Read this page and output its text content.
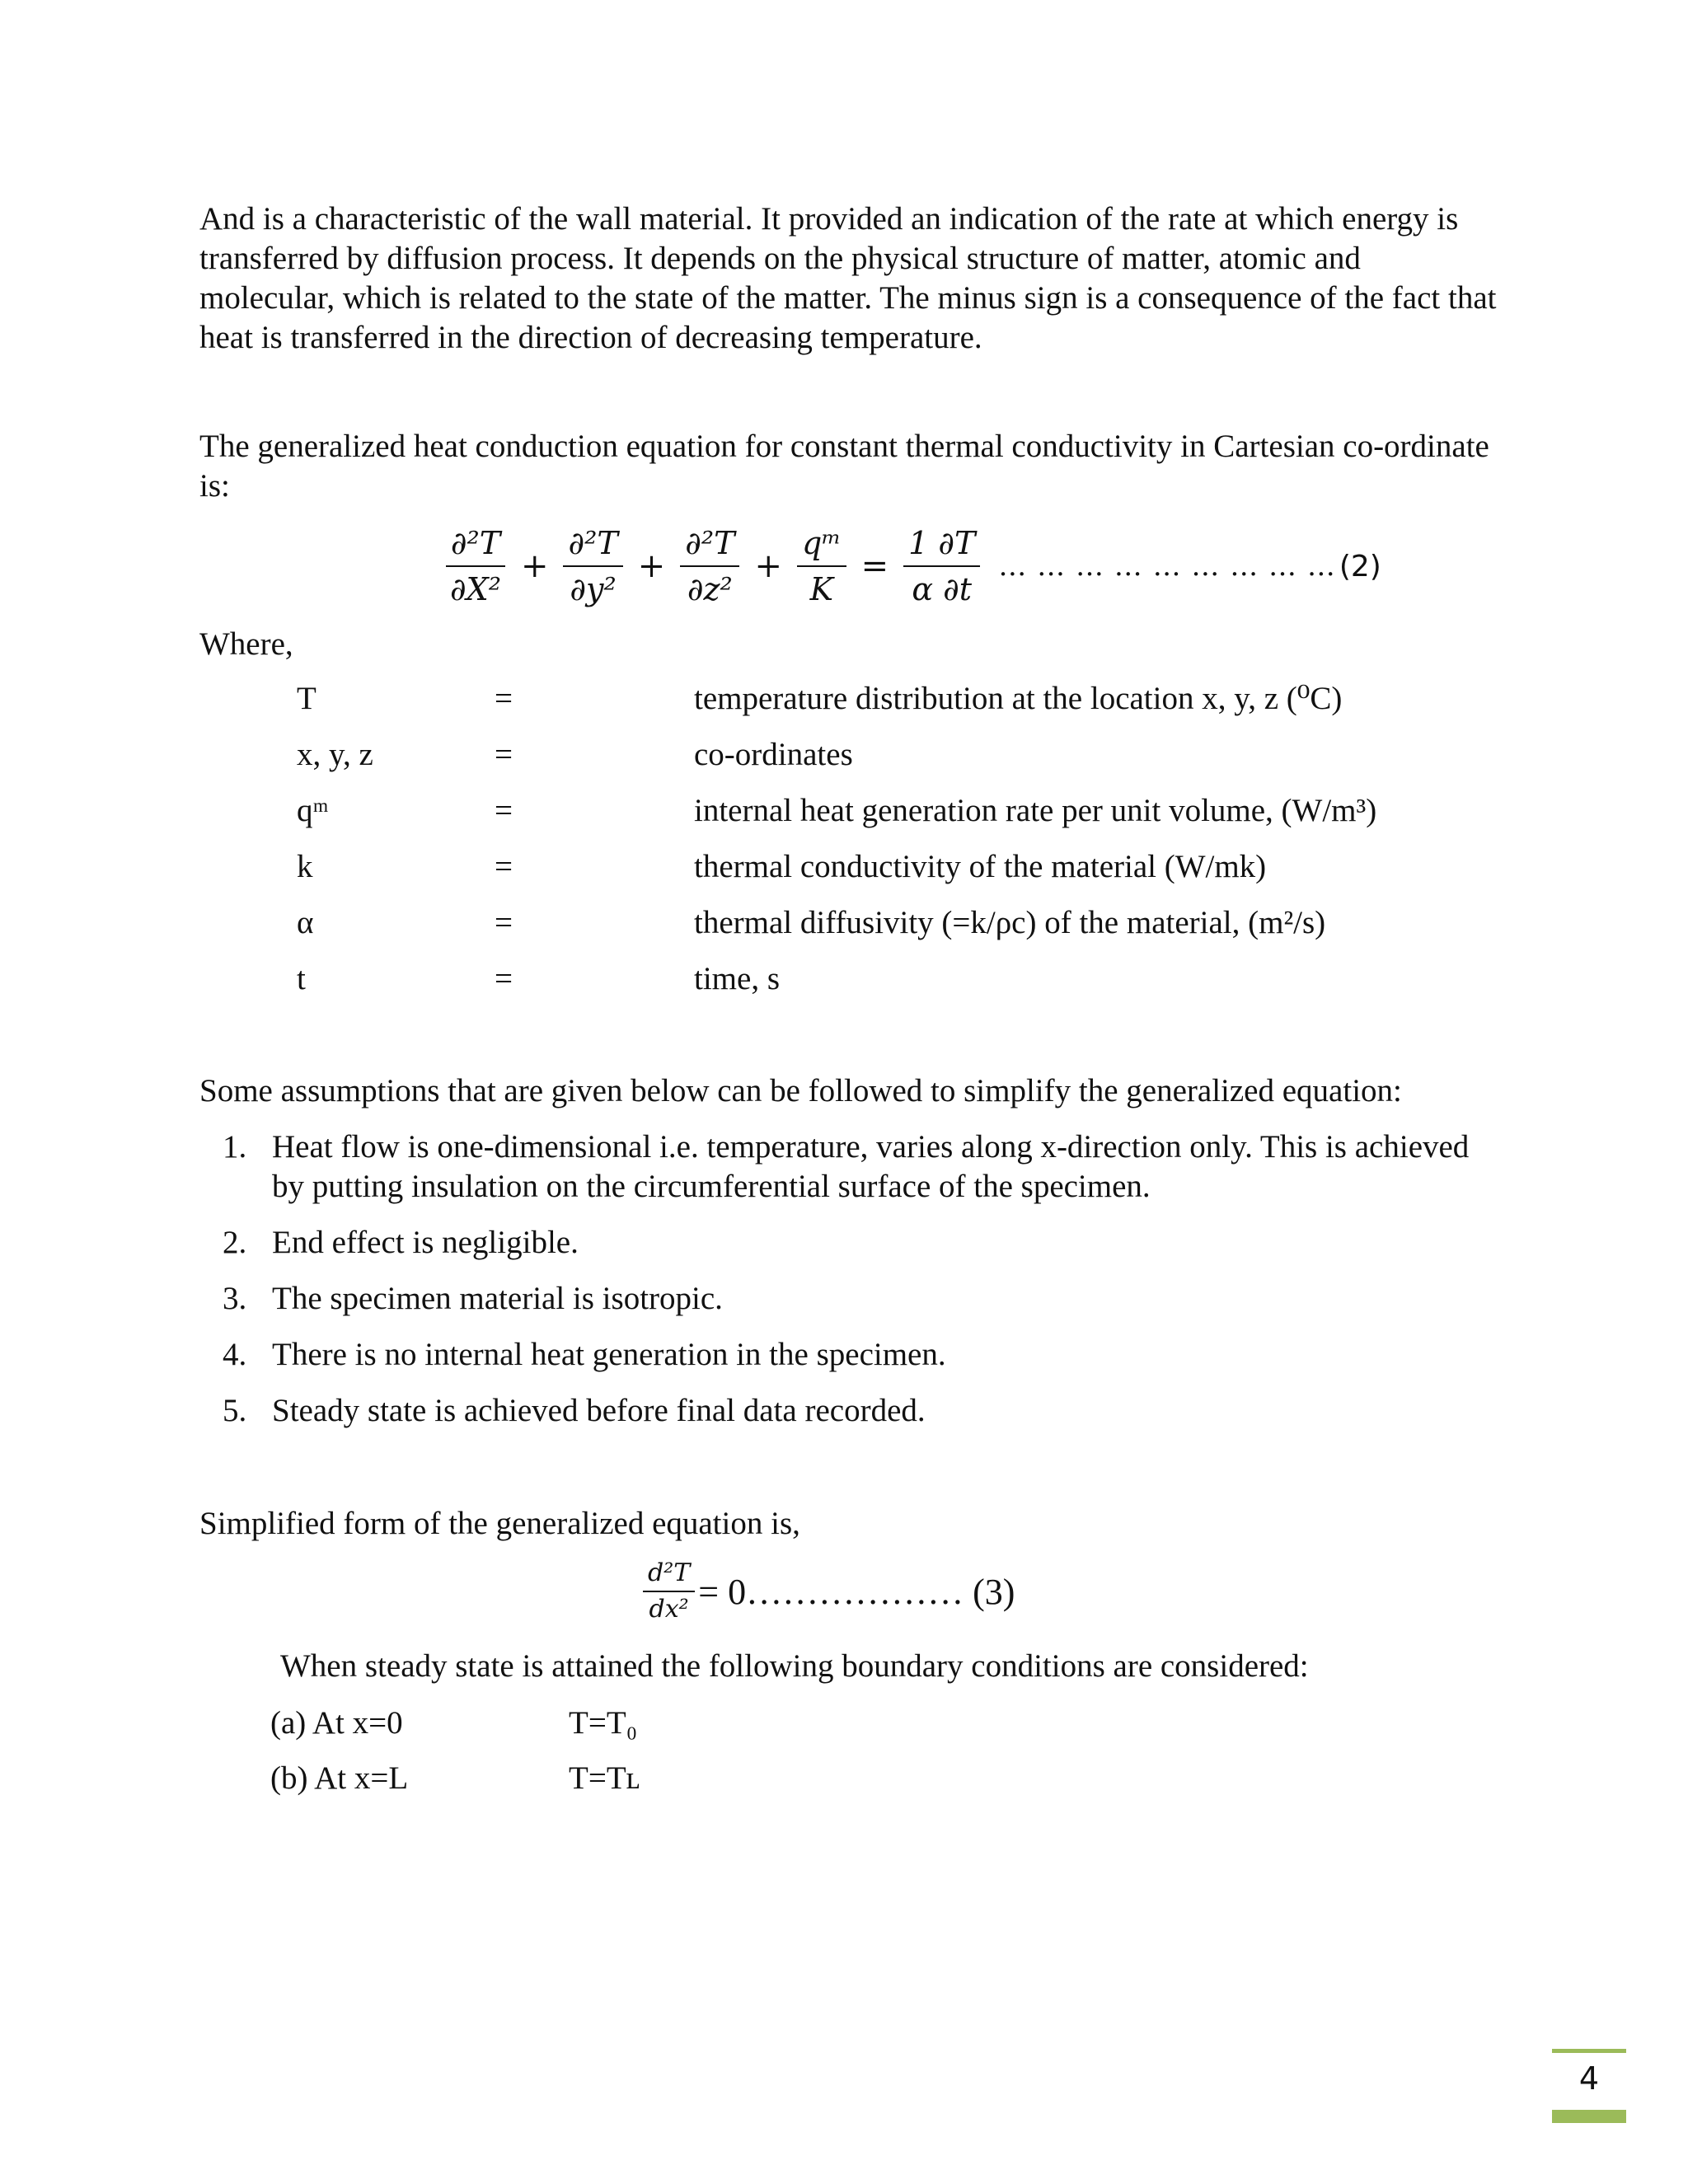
And is a characteristic of the wall material. It provided an indication of the rate at which energy is transferred by diffusion process. It depends on the physical structure of matter, atomic and molecular, which is related to the state of the matter. The minus sign is a consequence of the fact that heat is transferred in the direction of decreasing temperature.

The generalized heat conduction equation for constant thermal conductivity in Cartesian co-ordinate is:

$\frac{\text{∂²T}}{\text{∂X²}} + \frac{\text{∂²T}}{\text{∂y²}} + \frac{\text{∂²T}}{\text{∂z²}} + \frac{\text{qᵐ}}{K} = \frac{1 \partial T}{\alpha \partial t}$ … … … … … … … … … (2)

Where,

T	=	temperature distribution at the location x, y, z (⁰C)
x, y, z	=	co-ordinates
qᵐ	=	internal heat generation rate per unit volume, (W/m³)
k	=	thermal conductivity of the material (W/mk)
α	=	thermal diffusivity (=k/ρc) of the material, (m²/s)
t	=	time, s

Some assumptions that are given below can be followed to simplify the generalized equation:

1. Heat flow is one-dimensional i.e. temperature, varies along x-direction only. This is achieved by putting insulation on the circumferential surface of the specimen.
2. End effect is negligible.
3. The specimen material is isotropic.
4. There is no internal heat generation in the specimen.
5. Steady state is achieved before final data recorded.

Simplified form of the generalized equation is,

$\frac{\text{d²T}}{\text{dx²}}$ = 0……………… (3)

When steady state is attained the following boundary conditions are considered:

(a) At x=0	T=T₀
(b) At x=L	T=Tʟ
4
